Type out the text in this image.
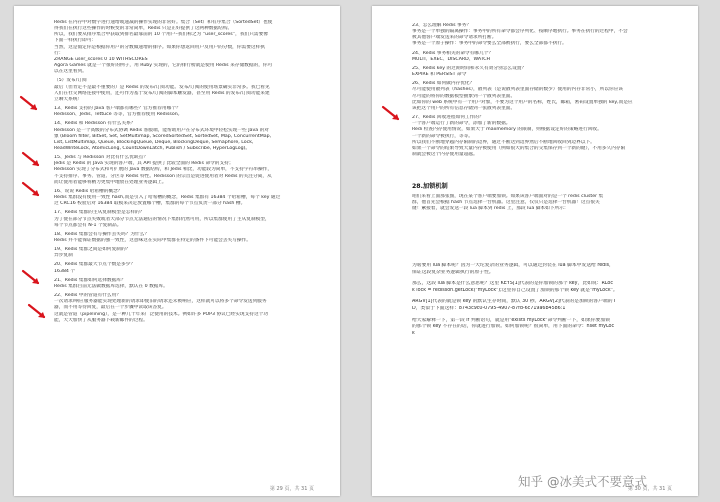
Redis 在内存中对数字进行递增或递减的操作实现的非常好。集合（Set）和有序集合（SortedSet）也使

得我们在执行这些操作的时候变的非常简单，Redis 只是正好提供了这两种数据结构。

所以，我们要从排序集合中获取到排名最靠前的 10 个用户–我们称之为 “user_scores”，我们只需要像

下面一样执行即可：

当然，这是假定你是根据你用户的分数做递增的排序。如果你想返回用户及用户的分数，你需要这样执

行：

ZRANGE user_scores 0 10 WITHSCORES

Agora Games 就是一个很好的例子，用 Ruby 实现的，它的排行榜就是使用 Redis 来存储数据的，你可

以在这里看到。

（5）发布/订阅

最后（但肯定不是最不重要的）是 Redis 的发布/订阅功能。发布/订阅的使用场景确实非常多。我已看见

人们在社交网络连接中使用，还可作为基于发布/订阅的脚本触发器，甚至用 Redis 的发布/订阅功能来建

立聊天系统！

13、Redis 支持的 Java 客户端都有哪些？官方推荐用哪个？

Redisson、Jedis、lettuce 等等，官方推荐使用 Redisson。

14、Redis 和 Redisson 有什么关系？

Redisson 是一个高级的分布式协调 Redis 客服端，能帮助用户在分布式环境中轻松实现一些 Java 的对

象 (Bloom filter, BitSet, Set, SetMultimap, ScoredSortedSet, SortedSet, Map, ConcurrentMap,

List, ListMultimap, Queue, BlockingQueue, Deque, BlockingDeque, Semaphore, Lock,

ReadWriteLock, AtomicLong, CountDownLatch, Publish / Subscribe, HyperLogLog)。

15、Jedis 与 Redisson 对比有什么优缺点？

Jedis 是 Redis 的 Java 实现的客户端，其 API 提供了比较全面的 Redis 命令的支持；

Redisson 实现了分布式和可扩展的 Java 数据结构，和 Jedis 相比，功能较为简单，不支持字符串操作，

不支持排序、事务、管道、分区等 Redis 特性。Redisson 的宗旨是促进使用者对 Redis 的关注分离，从

而让使用者能够将精力更集中地放在处理业务逻辑上。

16、说说 Redis 哈希槽的概念？

Redis 集群没有使用一致性 hash,而是引入了哈希槽的概念，Redis 集群有 16384 个哈希槽，每个 key 通过

过 CRC16 校验后对 16384 取模来决定放置哪个槽，集群的每个节点负责一部分 hash 槽。

17、Redis 集群的主从复制模型是怎样的？

为了使在部分节点失败或者大部分节点无法通信的情况下集群仍然可用，所以集群使用了主从复制模型，

每个节点都会有 N-1 个复制品。

18、Redis 集群会有写操作丢失吗？为什么？

Redis 并不能保证数据的强一致性，这意味这在实际中集群在特定的条件下可能会丢失写操作。

19、Redis 集群之间是如何复制的？

异步复制

20、Redis 集群最大节点个数是多少？

16384 个

21、Redis 集群如何选择数据库？

Redis 集群目前无法做数据库选择，默认在 0 数据库。

22、Redis 中的管道有什么用？

一次请求/响应服务器能实现处理新的请求即使旧的请求还未被响应，这样就可以将多个命令发送到服务

器，而不用等待回复，最后在一个步骤中读取该答复。

这就是管道（pipelining），是一种几十年来广泛使用的技术。例如许多 POP3 协议已经实现支持这个功

能，大大加快了从服务器下载新邮件的过程。

第 29 页，共 31 页

23、怎么理解 Redis 事务？

事务是一个单独的隔离操作：事务中的所有命令都会序列化、按顺序地执行。事务在执行的过程中，不会

被其他客户端发送来的命令请求所打断。

事务是一个原子操作：事务中的命令要么全部被执行，要么全部都不执行。

24、Redis 事务相关的命令有哪几个？

MULTI、EXEC、DISCARD、WATCH

25、Redis key 的过期时间和永久有效分别怎么设置？

EXPIRE 和 PERSIST 命令

26、Redis 如何做内存优化？

尽可能使用散列表（hashes），散列表（是说散列表里面存储的数少）使用的内存非常小，所以你应该

尽可能的将你的数据模型抽象到一个散列表里面。

比如你的 web 系统中有一个用户对象，不要为这个用户的名称，姓氏，邮箱，密码设置单独的 key,而是应

该把这个用户的所有信息存储到一张散列表里面。

27、Redis 回收进程如何工作的？

一个客户端运行了新的命令，添加了新的数据。

Redi 检查内存使用情况，如果大于 maxmemory 的限制，则根据设定好的策略进行回收。

一个新的命令被执行，等等。

所以我们不断地穿越内存限制的边界，通过不断达到边界然后不断地回收回到边界以下。

如果一个命令的结果导致大量内存被使用（例如很大的集合的交集保存到一个新的键），不用多久内存限

制就会被这个内存使用量超越。

28.加锁机制

咱们来看上面那张图，现在某个客户端要加锁。如果该客户端面对的是一个 redis cluster 集

群，他首先会根据 hash 节点选择一台机器。这里注意，仅仅只是选择一台机器！这点很关

键！紧接着，就会发送一段 lua 脚本到 redis 上，那段 lua 脚本如下所示：

为啥要用 lua 脚本呢？因为一大坨复杂的业务逻辑，可以通过封装在 lua 脚本中发送给 redis，

保证这段复杂业务逻辑执行的原子性。

那么，这段 lua 脚本是什么意思呢？这里 KEYS[1]代表的是你加锁的那个 key，比如说：RLoc

k lock = redisson.getLock("myLock");这里你自己设置了加锁的那个锁 key 就是"myLock"。

ARGV[1]代表的就是锁 key 的默认生存时间，默认 30 秒。ARGV[2]代表的是加锁的客户端的 I

D，类似于下面这样：8743c9c0-0795-4907-87fd-6c719a6b4586:1

给大家解释一下，第一段 if 判断语句，就是用"exists myLock"命令判断一下，如果你要加锁

的那个锁 key 不存在的话，你就进行加锁。如何加锁呢？很简单，用下面的命令：hset myLoc

k

第 30 页，共 31 页
知乎 @冰美式不要意式
